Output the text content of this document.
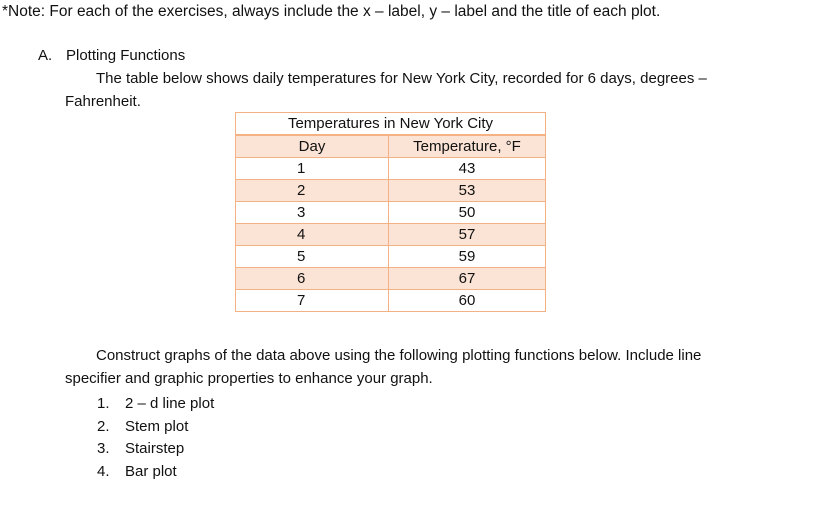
*Note: For each of the exercises, always include the x – label, y – label and the title of each plot.
A. Plotting Functions
The table below shows daily temperatures for New York City, recorded for 6 days, degrees –
Fahrenheit.
Temperatures in New York City	
Day	Temperature, °F
1	43
2	53
3	50
4	57
5	59
6	67
7	60
Construct graphs of the data above using the following plotting functions below. Include line
specifier and graphic properties to enhance your graph.
1. 2 – d line plot
2. Stem plot
3. Stairstep
4. Bar plot
